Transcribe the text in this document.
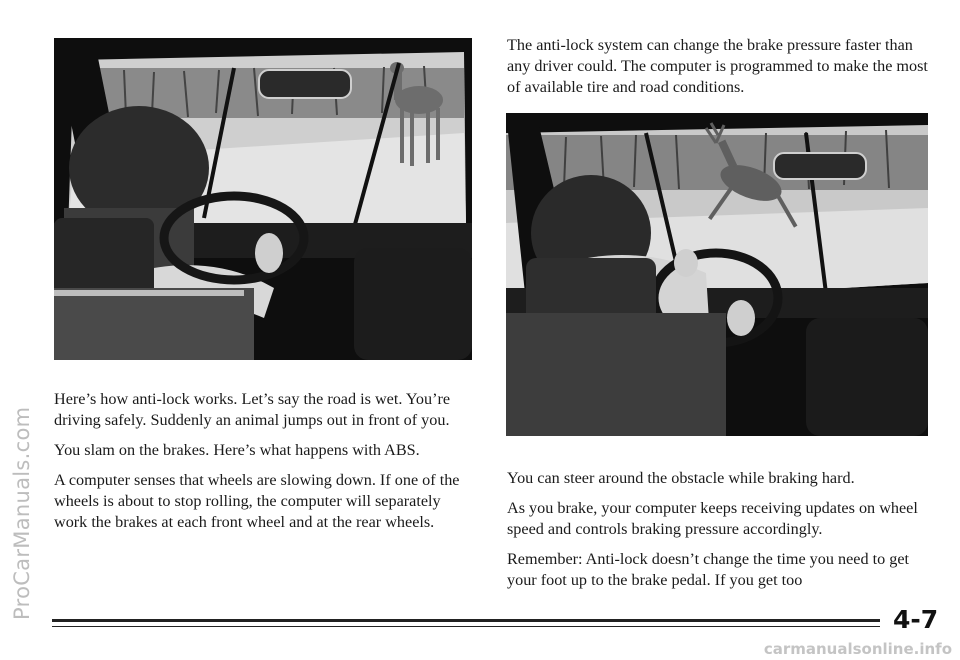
ProCarManuals.com

The anti-lock system can change the brake pressure faster than any driver could. The computer is programmed to make the most of available tire and road conditions.

Here’s how anti-lock works. Let’s say the road is wet. You’re driving safely. Suddenly an animal jumps out in front of you.

You slam on the brakes. Here’s what happens with ABS.

A computer senses that wheels are slowing down. If one of the wheels is about to stop rolling, the computer will separately work the brakes at each front wheel and at the rear wheels.

You can steer around the obstacle while braking hard.

As you brake, your computer keeps receiving updates on wheel speed and controls braking pressure accordingly.

Remember: Anti-lock doesn’t change the time you need to get your foot up to the brake pedal. If you get too

4-7
carmanualsonline.info
